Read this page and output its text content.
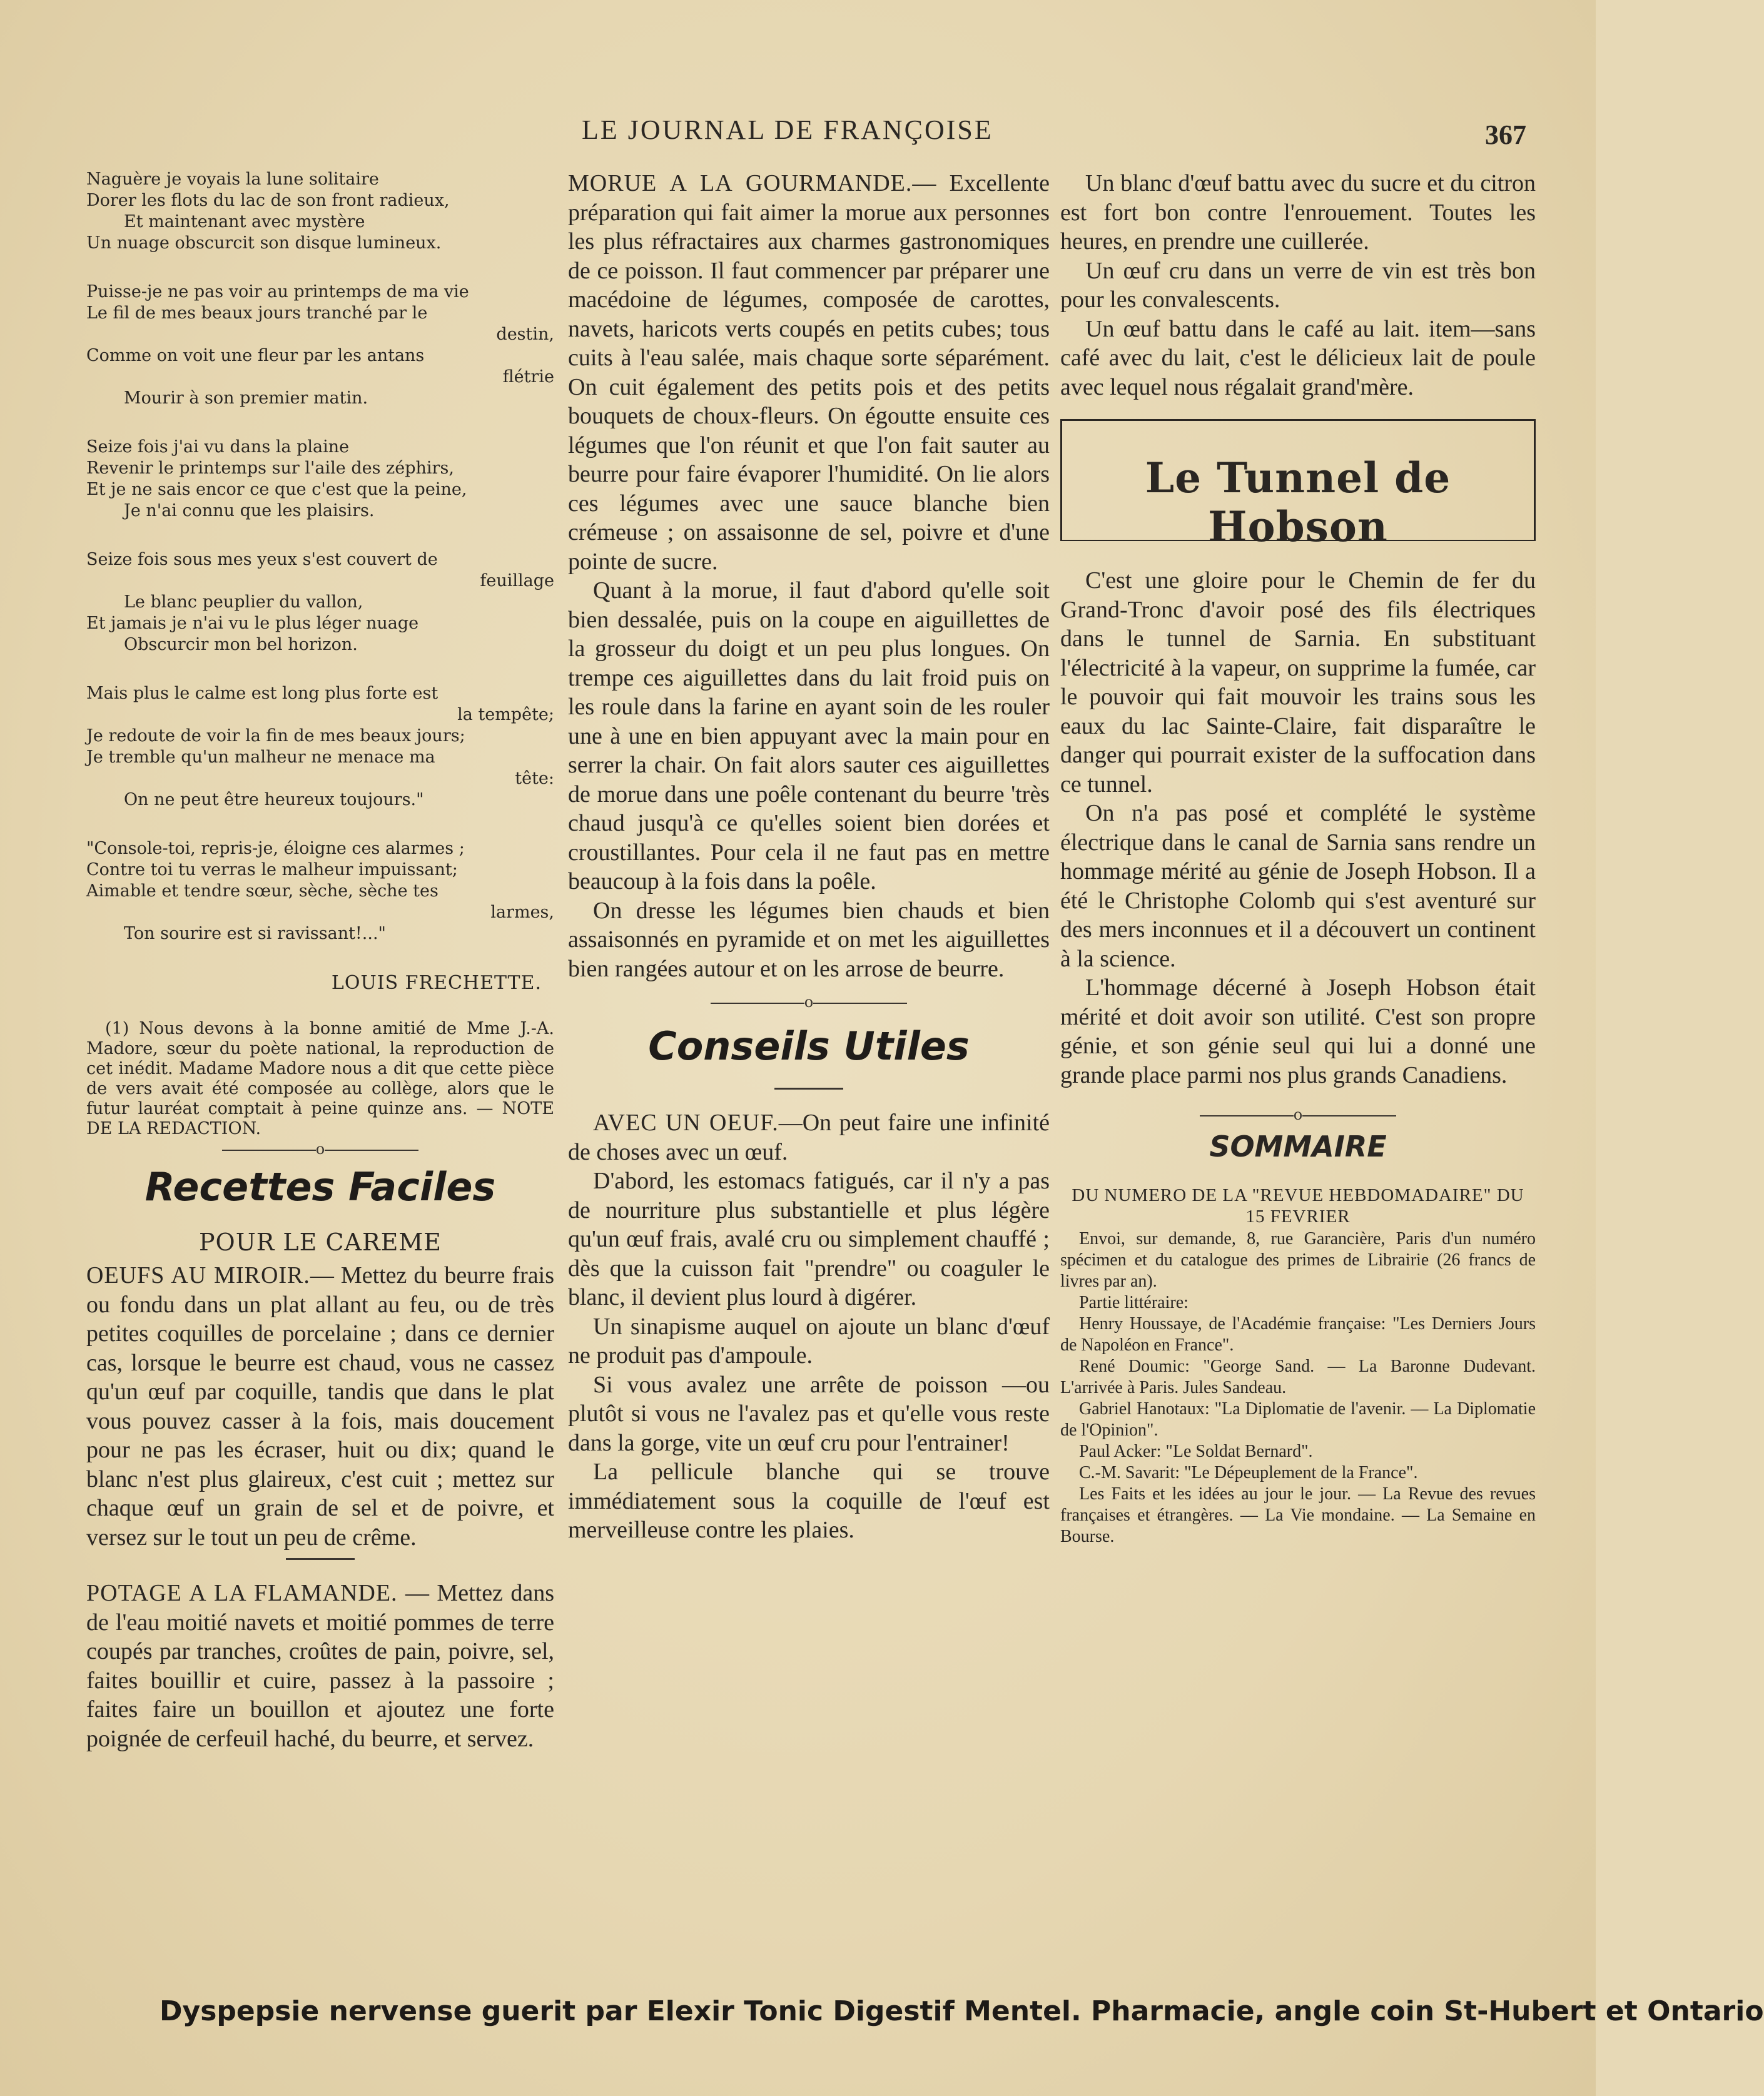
LE JOURNAL DE FRANÇOISE	367
Naguère je voyais la lune solitaire
Dorer les flots du lac de son front radieux,
Et maintenant avec mystère
Un nuage obscurcit son disque lumineux.
Puisse-je ne pas voir au printemps de ma vie
Le fil de mes beaux jours tranché par le
destin,
Comme on voit une fleur par les antans
flétrie
Mourir à son premier matin.
Seize fois j'ai vu dans la plaine
Revenir le printemps sur l'aile des zéphirs,
Et je ne sais encor ce que c'est que la peine,
Je n'ai connu que les plaisirs.
Seize fois sous mes yeux s'est couvert de
feuillage
Le blanc peuplier du vallon,
Et jamais je n'ai vu le plus léger nuage
Obscurcir mon bel horizon.
Mais plus le calme est long plus forte est
la tempête;
Je redoute de voir la fin de mes beaux jours;
Je tremble qu'un malheur ne menace ma
tête:
On ne peut être heureux toujours."
"Console-toi, repris-je, éloigne ces alarmes ;
Contre toi tu verras le malheur impuissant;
Aimable et tendre sœur, sèche, sèche tes
larmes,
Ton sourire est si ravissant!..."
LOUIS FRECHETTE.

(1) Nous devons à la bonne amitié de Mme J.-A. Madore, sœur du poète national, la reproduction de cet inédit. Madame Madore nous a dit que cette pièce de vers avait été composée au collège, alors que le futur lauréat comptait à peine quinze ans. — NOTE DE LA REDACTION.

o
Recettes Faciles
POUR LE CAREME

OEUFS AU MIROIR.— Mettez du beurre frais ou fondu dans un plat allant au feu, ou de très petites coquilles de porcelaine ; dans ce dernier cas, lorsque le beurre est chaud, vous ne cassez qu'un œuf par coquille, tandis que dans le plat vous pouvez casser à la fois, mais doucement pour ne pas les écraser, huit ou dix; quand le blanc n'est plus glaireux, c'est cuit ; mettez sur chaque œuf un grain de sel et de poivre, et versez sur le tout un peu de crême.

POTAGE A LA FLAMANDE. — Mettez dans de l'eau moitié navets et moitié pommes de terre coupés par tranches, croûtes de pain, poivre, sel, faites bouillir et cuire, passez à la passoire ; faites faire un bouillon et ajoutez une forte poignée de cerfeuil haché, du beurre, et servez.

MORUE A LA GOURMANDE.— Excellente préparation qui fait aimer la morue aux personnes les plus réfractaires aux charmes gastronomiques de ce poisson. Il faut commencer par préparer une macédoine de légumes, composée de carottes, navets, haricots verts coupés en petits cubes; tous cuits à l'eau salée, mais chaque sorte séparément. On cuit également des petits pois et des petits bouquets de choux-fleurs. On égoutte ensuite ces légumes que l'on réunit et que l'on fait sauter au beurre pour faire évaporer l'humidité. On lie alors ces légumes avec une sauce blanche bien crémeuse ; on assaisonne de sel, poivre et d'une pointe de sucre.

Quant à la morue, il faut d'abord qu'elle soit bien dessalée, puis on la coupe en aiguillettes de la grosseur du doigt et un peu plus longues. On trempe ces aiguillettes dans du lait froid puis on les roule dans la farine en ayant soin de les rouler une à une en bien appuyant avec la main pour en serrer la chair. On fait alors sauter ces aiguillettes de morue dans une poêle contenant du beurre 'très chaud jusqu'à ce qu'elles soient bien dorées et croustillantes. Pour cela il ne faut pas en mettre beaucoup à la fois dans la poêle.

On dresse les légumes bien chauds et bien assaisonnés en pyramide et on met les aiguillettes bien rangées autour et on les arrose de beurre.

o
Conseils Utiles

AVEC UN OEUF.—On peut faire une infinité de choses avec un œuf.

D'abord, les estomacs fatigués, car il n'y a pas de nourriture plus substantielle et plus légère qu'un œuf frais, avalé cru ou simplement chauffé ; dès que la cuisson fait "prendre" ou coaguler le blanc, il devient plus lourd à digérer.

Un sinapisme auquel on ajoute un blanc d'œuf ne produit pas d'ampoule.

Si vous avalez une arrête de poisson —ou plutôt si vous ne l'avalez pas et qu'elle vous reste dans la gorge, vite un œuf cru pour l'entrainer!

La pellicule blanche qui se trouve immédiatement sous la coquille de l'œuf est merveilleuse contre les plaies.

Un blanc d'œuf battu avec du sucre et du citron est fort bon contre l'enrouement. Toutes les heures, en prendre une cuillerée.

Un œuf cru dans un verre de vin est très bon pour les convalescents.

Un œuf battu dans le café au lait. item—sans café avec du lait, c'est le délicieux lait de poule avec lequel nous régalait grand'mère.

Le Tunnel de Hobson

C'est une gloire pour le Chemin de fer du Grand-Tronc d'avoir posé des fils électriques dans le tunnel de Sarnia. En substituant l'électricité à la vapeur, on supprime la fumée, car le pouvoir qui fait mouvoir les trains sous les eaux du lac Sainte-Claire, fait disparaître le danger qui pourrait exister de la suffocation dans ce tunnel.

On n'a pas posé et complété le système électrique dans le canal de Sarnia sans rendre un hommage mérité au génie de Joseph Hobson. Il a été le Christophe Colomb qui s'est aventuré sur des mers inconnues et il a découvert un continent à la science.

L'hommage décerné à Joseph Hobson était mérité et doit avoir son utilité. C'est son propre génie, et son génie seul qui lui a donné une grande place parmi nos plus grands Canadiens.

o
SOMMAIRE

DU NUMERO DE LA "REVUE HEBDOMADAIRE" DU 15 FEVRIER

Envoi, sur demande, 8, rue Garancière, Paris d'un numéro spécimen et du catalogue des primes de Librairie (26 francs de livres par an).

Partie littéraire:

Henry Houssaye, de l'Académie française: "Les Derniers Jours de Napoléon en France".

René Doumic: "George Sand. — La Baronne Dudevant. L'arrivée à Paris. Jules Sandeau.

Gabriel Hanotaux: "La Diplomatie de l'avenir. — La Diplomatie de l'Opinion".

Paul Acker: "Le Soldat Bernard".

C.-M. Savarit: "Le Dépeuplement de la France".

Les Faits et les idées au jour le jour. — La Revue des revues françaises et étrangères. — La Vie mondaine. — La Semaine en Bourse.

Dyspepsie nervense guerit par Elexir Tonic Digestif Mentel. Pharmacie, angle coin St-Hubert et Ontario
